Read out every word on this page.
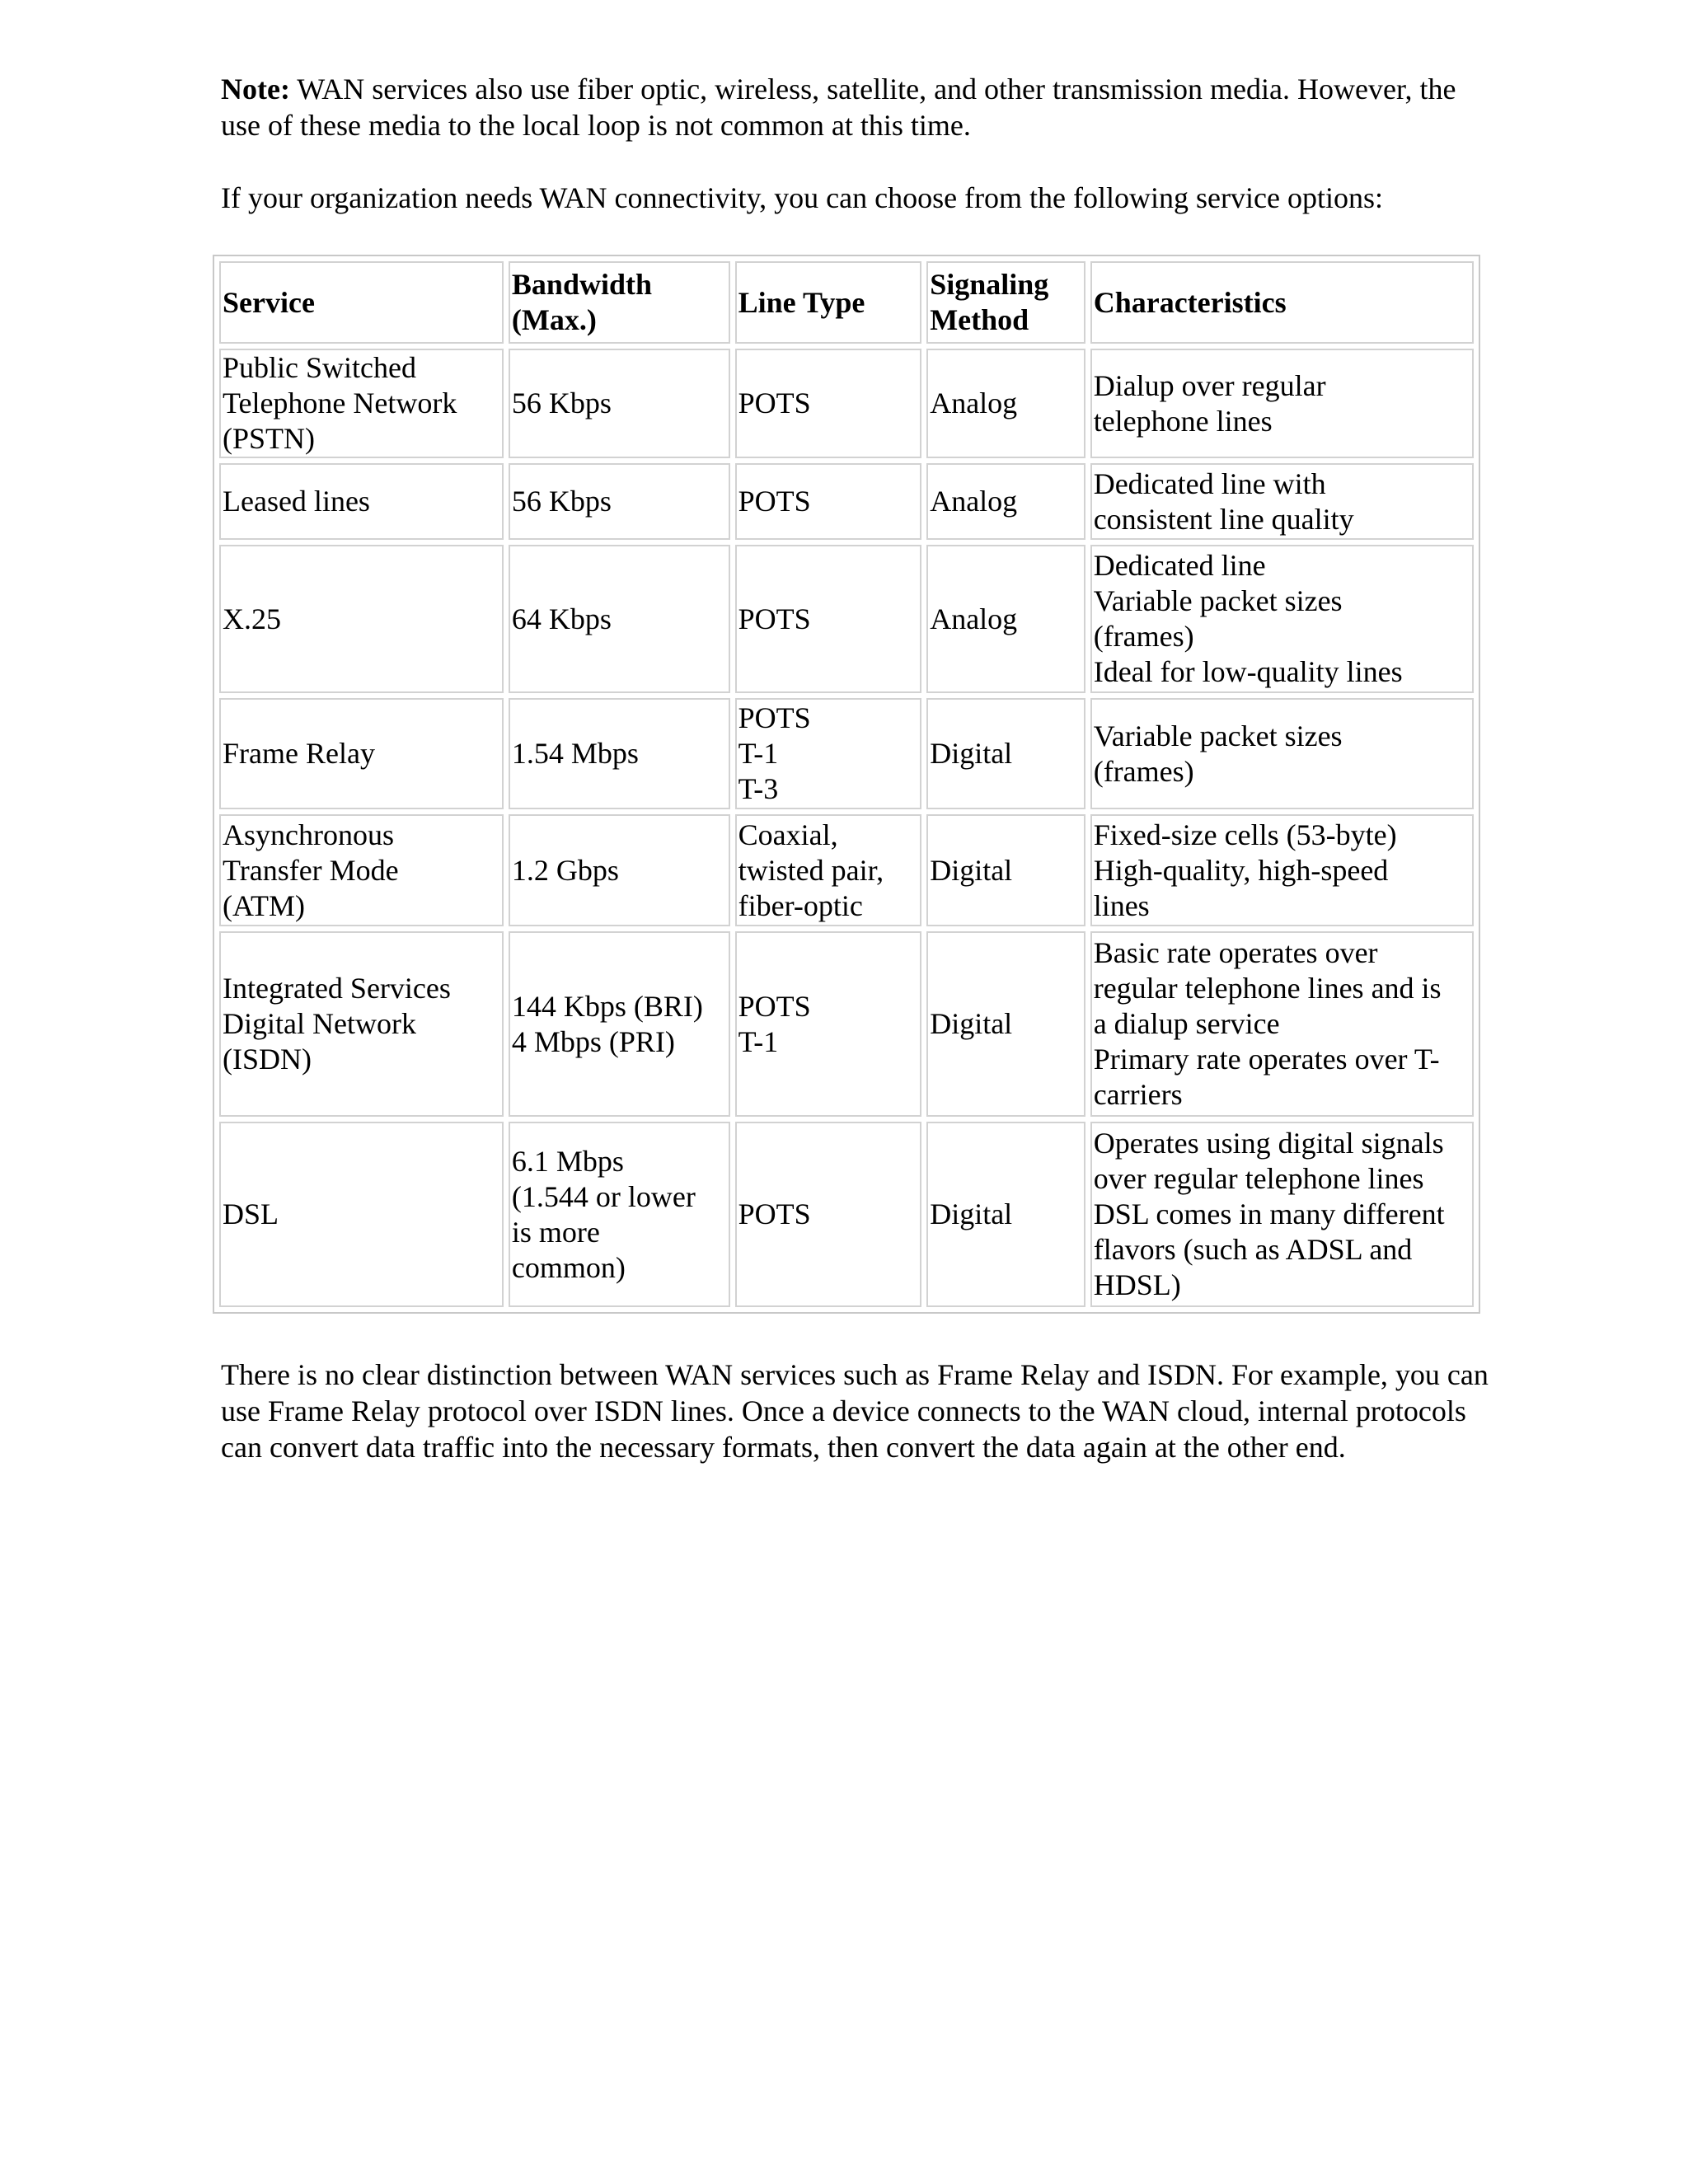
Note: WAN services also use fiber optic, wireless, satellite, and other transmission media. However, the use of these media to the local loop is not common at this time.

If your organization needs WAN connectivity, you can choose from the following service options:

Service	Bandwidth (Max.)	Line Type	Signaling Method	Characteristics

Public Switched
Telephone Network
(PSTN)	56 Kbps	POTS	Analog	Dialup over regular
telephone lines

Leased lines	56 Kbps	POTS	Analog	Dedicated line with
consistent line quality

X.25	64 Kbps	POTS	Analog	Dedicated line
Variable packet sizes
(frames)
Ideal for low-quality lines

Frame Relay	1.54 Mbps	POTS
T-1
T-3	Digital	Variable packet sizes
(frames)

Asynchronous
Transfer Mode
(ATM)	1.2 Gbps	Coaxial,
twisted pair,
fiber-optic	Digital	Fixed-size cells (53-byte)
High-quality, high-speed
lines

Integrated Services
Digital Network
(ISDN)	144 Kbps (BRI)
4 Mbps (PRI)	POTS
T-1	Digital	Basic rate operates over
regular telephone lines and is
a dialup service
Primary rate operates over T-
carriers

DSL	6.1 Mbps
(1.544 or lower
is more
common)	POTS	Digital	Operates using digital signals
over regular telephone lines
DSL comes in many different
flavors (such as ADSL and
HDSL)

There is no clear distinction between WAN services such as Frame Relay and ISDN. For example, you can use Frame Relay protocol over ISDN lines. Once a device connects to the WAN cloud, internal protocols can convert data traffic into the necessary formats, then convert the data again at the other end.
